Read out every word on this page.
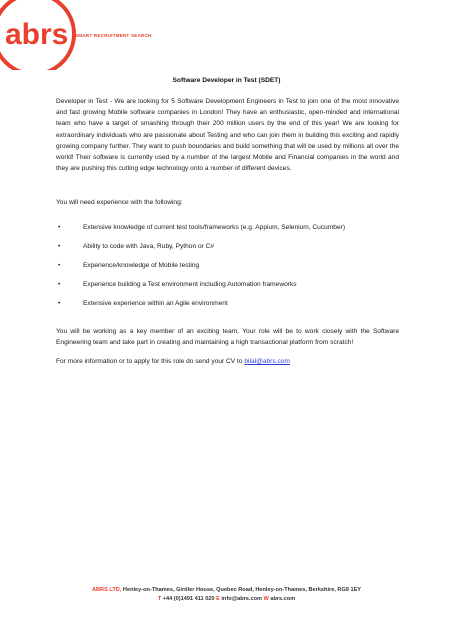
abrs SMART RECRUITMENT SEARCH
Software Developer in Test (SDET)

Developer in Test - We are looking for 5 Software Development Engineers in Test to join one of the most innovative and fast growing Mobile software companies in London! They have an enthusiastic, open-minded and international team who have a target of smashing through their 200 million users by the end of this year! We are looking for extraordinary individuals who are passionate about Testing and who can join them in building this exciting and rapidly growing company further. They want to push boundaries and build something that will be used by millions all over the world! Their software is currently used by a number of the largest Mobile and Financial companies in the world and they are pushing this cutting edge technology onto a number of different devices.

You will need experience with the following:

•	Extensive knowledge of current test tools/frameworks (e.g. Appium, Selenium, Cucumber)
•	Ability to code with Java, Ruby, Python or C#
•	Experience/knowledge of Mobile testing
•	Experience building a Test environment including Automation frameworks
•	Extensive experience within an Agile environment

You will be working as a key member of an exciting team. Your role will be to work closely with the Software Engineering team and take part in creating and maintaining a high transactional platform from scratch!

For more information or to apply for this role do send your CV to bilal@abrs.com

ABRS LTD, Henley-on-Thames, Girdler House, Quebec Road, Henley-on-Thames, Berkshire, RG9 1EY
T +44 (0)1491 411 020 E info@abrs.com W abrs.com
